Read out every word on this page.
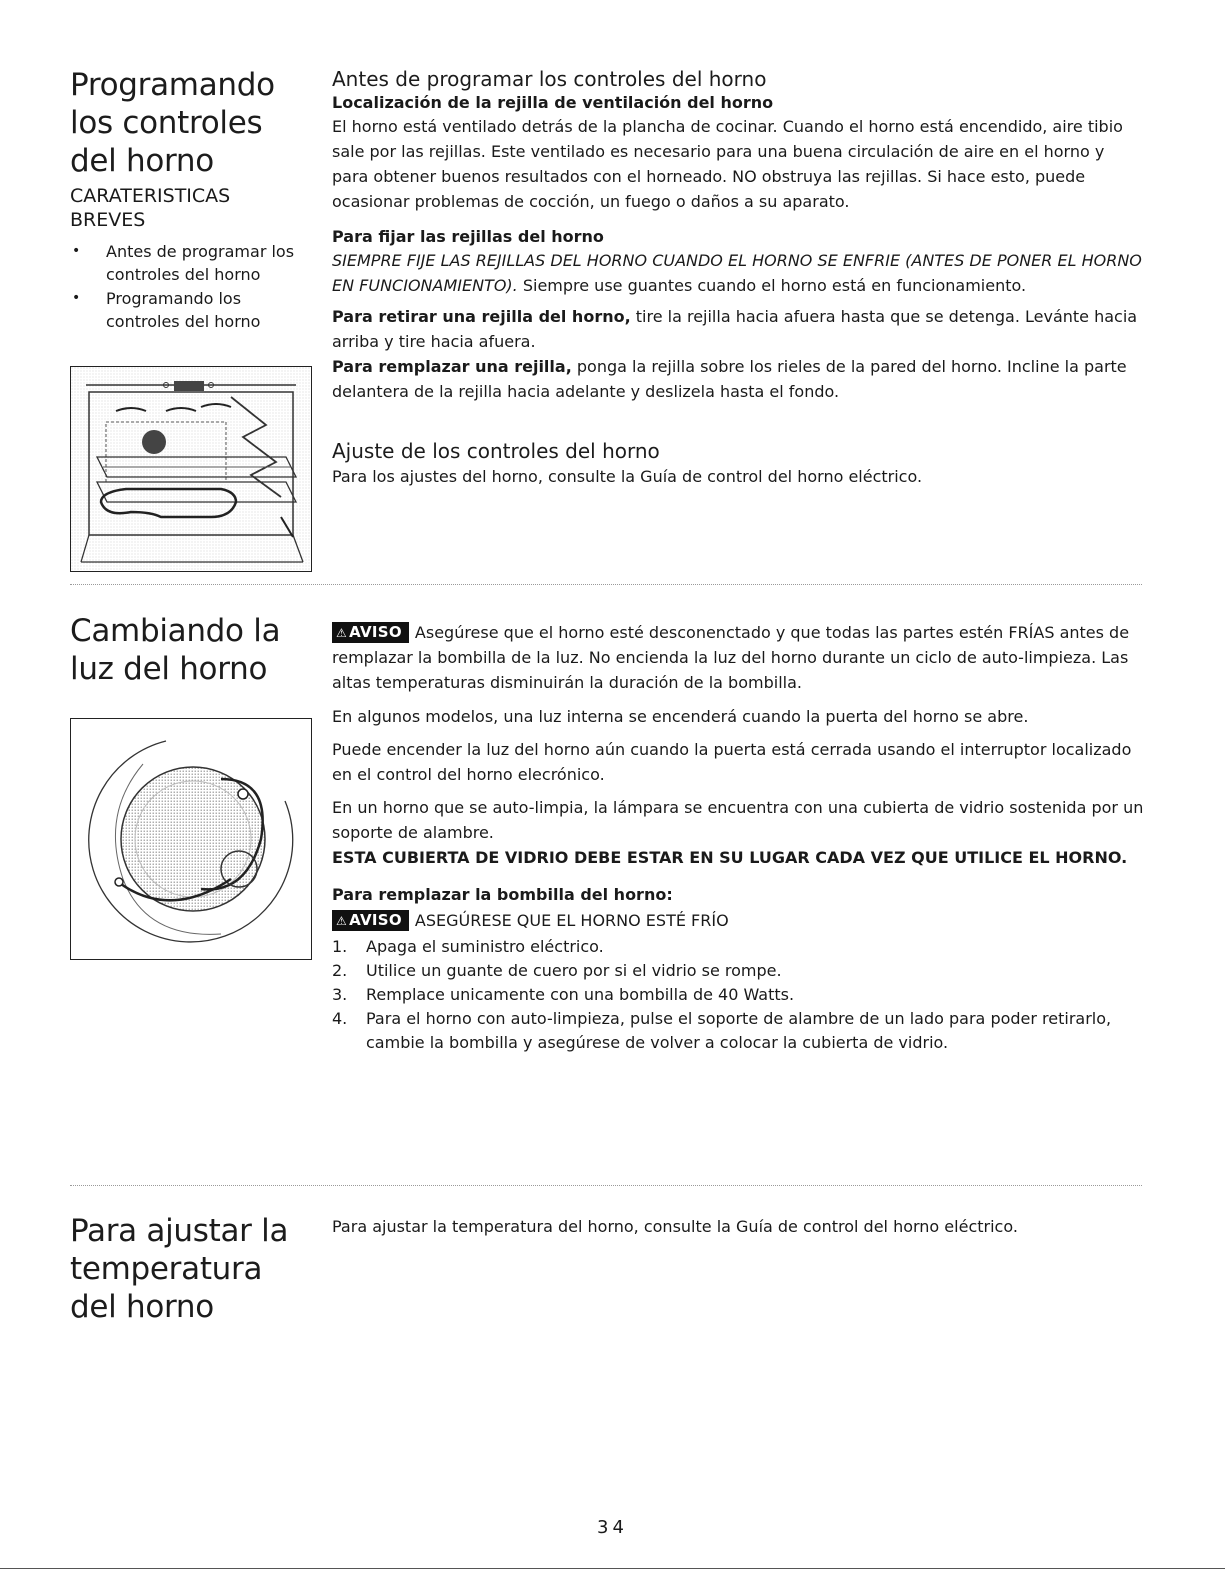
Programando
los controles
del horno
CARATERISTICAS
BREVES
• Antes de programar los controles del horno
• Programando los controles del horno
Antes de programar los controles del horno
Localización de la rejilla de ventilación del horno

El horno está ventilado detrás de la plancha de cocinar. Cuando el horno está encendido, aire tibio sale por las rejillas. Este ventilado es necesario para una buena circulación de aire en el horno y para obtener buenos resultados con el horneado. NO obstruya las rejillas. Si hace esto, puede ocasionar problemas de cocción, un fuego o daños a su aparato.

Para fijar las rejillas del horno

SIEMPRE FIJE LAS REJILLAS DEL HORNO CUANDO EL HORNO SE ENFRIE (ANTES DE PONER EL HORNO EN FUNCIONAMIENTO). Siempre use guantes cuando el horno está en funcionamiento.

Para retirar una rejilla del horno, tire la rejilla hacia afuera hasta que se detenga. Levánte hacia arriba y tire hacia afuera.

Para remplazar una rejilla, ponga la rejilla sobre los rieles de la pared del horno. Incline la parte delantera de la rejilla hacia adelante y deslizela hasta el fondo.

Ajuste de los controles del horno

Para los ajustes del horno, consulte la Guía de control del horno eléctrico.

Cambiando la
luz del horno

⚠ AVISO Asegúrese que el horno esté desconenctado y que todas las partes estén FRÍAS antes de remplazar la bombilla de la luz. No encienda la luz del horno durante un ciclo de auto-limpieza. Las altas temperaturas disminuirán la duración de la bombilla.

En algunos modelos, una luz interna se encenderá cuando la puerta del horno se abre.

Puede encender la luz del horno aún cuando la puerta está cerrada usando el interruptor localizado en el control del horno elecrónico.

En un horno que se auto-limpia, la lámpara se encuentra con una cubierta de vidrio sostenida por un soporte de alambre.

ESTA CUBIERTA DE VIDRIO DEBE ESTAR EN SU LUGAR CADA VEZ QUE UTILICE EL HORNO.

Para remplazar la bombilla del horno:
⚠ AVISO ASEGÚRESE QUE EL HORNO ESTÉ FRÍO
1. Apaga el suministro eléctrico.
2. Utilice un guante de cuero por si el vidrio se rompe.
3. Remplace unicamente con una bombilla de 40 Watts.
4. Para el horno con auto-limpieza, pulse el soporte de alambre de un lado para poder retirarlo, cambie la bombilla y asegúrese de volver a colocar la cubierta de vidrio.
Para ajustar la
temperatura
del horno

Para ajustar la temperatura del horno, consulte la Guía de control del horno eléctrico.

34
